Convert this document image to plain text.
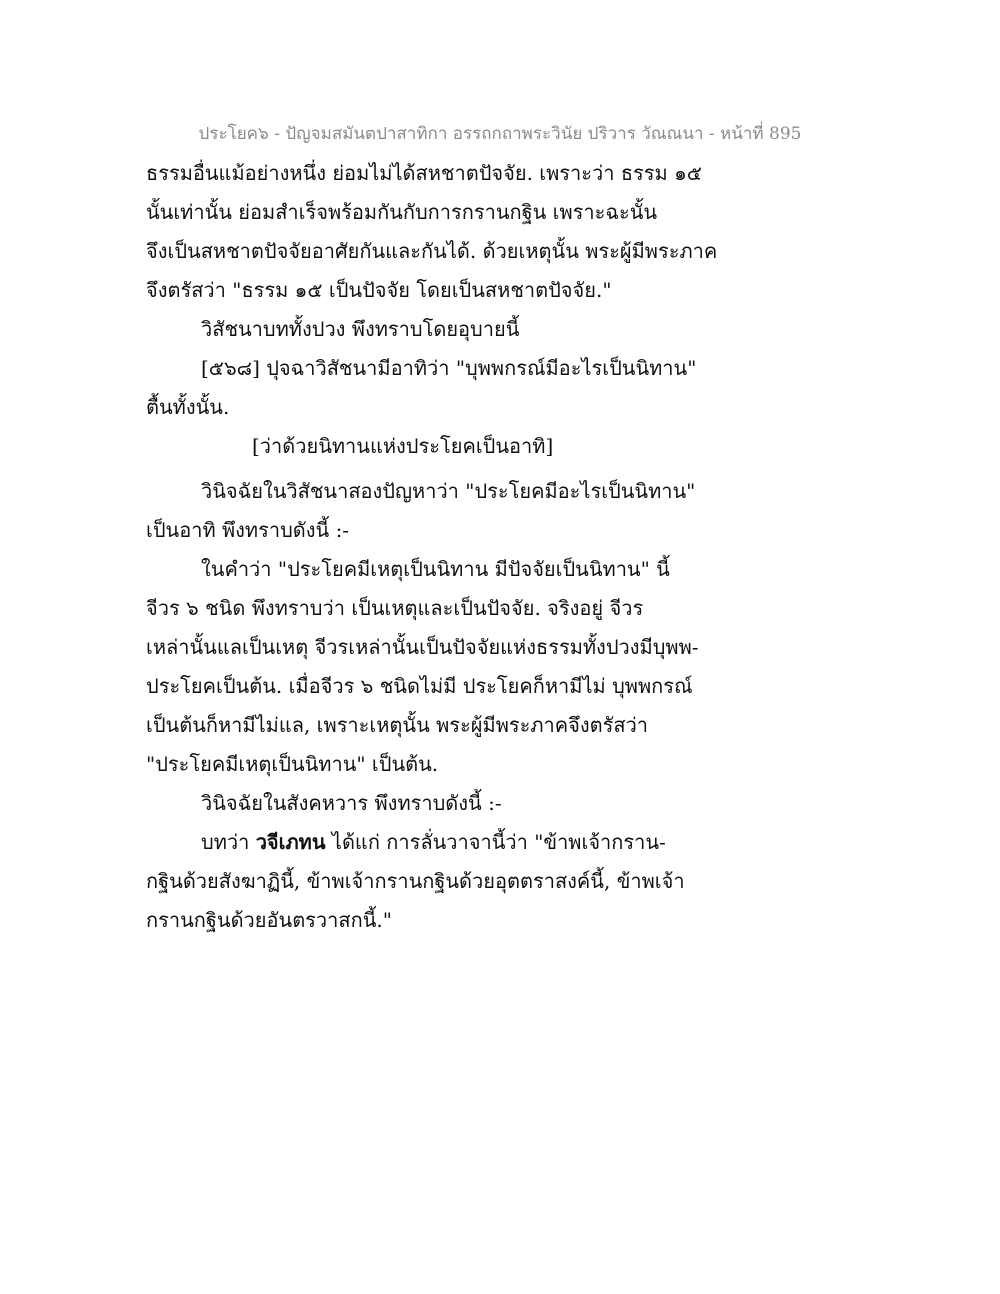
ประโยค๖ - ปัญจมสมันตปาสาทิกา อรรถกถาพระวินัย ปริวาร วัณณนา - หน้าที่ 895
ธรรมอื่นแม้อย่างหนึ่ง ย่อมไม่ได้สหชาตปัจจัย. เพราะว่า ธรรม ๑๕
นั้นเท่านั้น ย่อมสำเร็จพร้อมกันกับการกรานกฐิน เพราะฉะนั้น
จึงเป็นสหชาตปัจจัยอาศัยกันและกันได้. ด้วยเหตุนั้น พระผู้มีพระภาค
จึงตรัสว่า "ธรรม ๑๕ เป็นปัจจัย โดยเป็นสหชาตปัจจัย."
วิสัชนาบททั้งปวง พึงทราบโดยอุบายนี้
[๕๖๘] ปุจฉาวิสัชนามีอาทิว่า "บุพพกรณ์มีอะไรเป็นนิทาน"
ตื้นทั้งนั้น.
[ว่าด้วยนิทานแห่งประโยคเป็นอาทิ]
วินิจฉัยในวิสัชนาสองปัญหาว่า "ประโยคมีอะไรเป็นนิทาน"
เป็นอาทิ พึงทราบดังนี้ :-
ในคำว่า "ประโยคมีเหตุเป็นนิทาน มีปัจจัยเป็นนิทาน" นี้
จีวร ๖ ชนิด พึงทราบว่า เป็นเหตุและเป็นปัจจัย. จริงอยู่ จีวร
เหล่านั้นแลเป็นเหตุ จีวรเหล่านั้นเป็นปัจจัยแห่งธรรมทั้งปวงมีบุพพ-
ประโยคเป็นต้น. เมื่อจีวร ๖ ชนิดไม่มี ประโยคก็หามีไม่ บุพพกรณ์
เป็นต้นก็หามีไม่แล, เพราะเหตุนั้น พระผู้มีพระภาคจึงตรัสว่า
"ประโยคมีเหตุเป็นนิทาน" เป็นต้น.
วินิจฉัยในสังคหวาร พึงทราบดังนี้ :-
บทว่า วจีเภทน ได้แก่ การลั่นวาจานี้ว่า "ข้าพเจ้ากราน-
กฐินด้วยสังฆาฏินี้, ข้าพเจ้ากรานกฐินด้วยอุตตราสงค์นี้, ข้าพเจ้า
กรานกฐินด้วยอันตรวาสกนี้."
